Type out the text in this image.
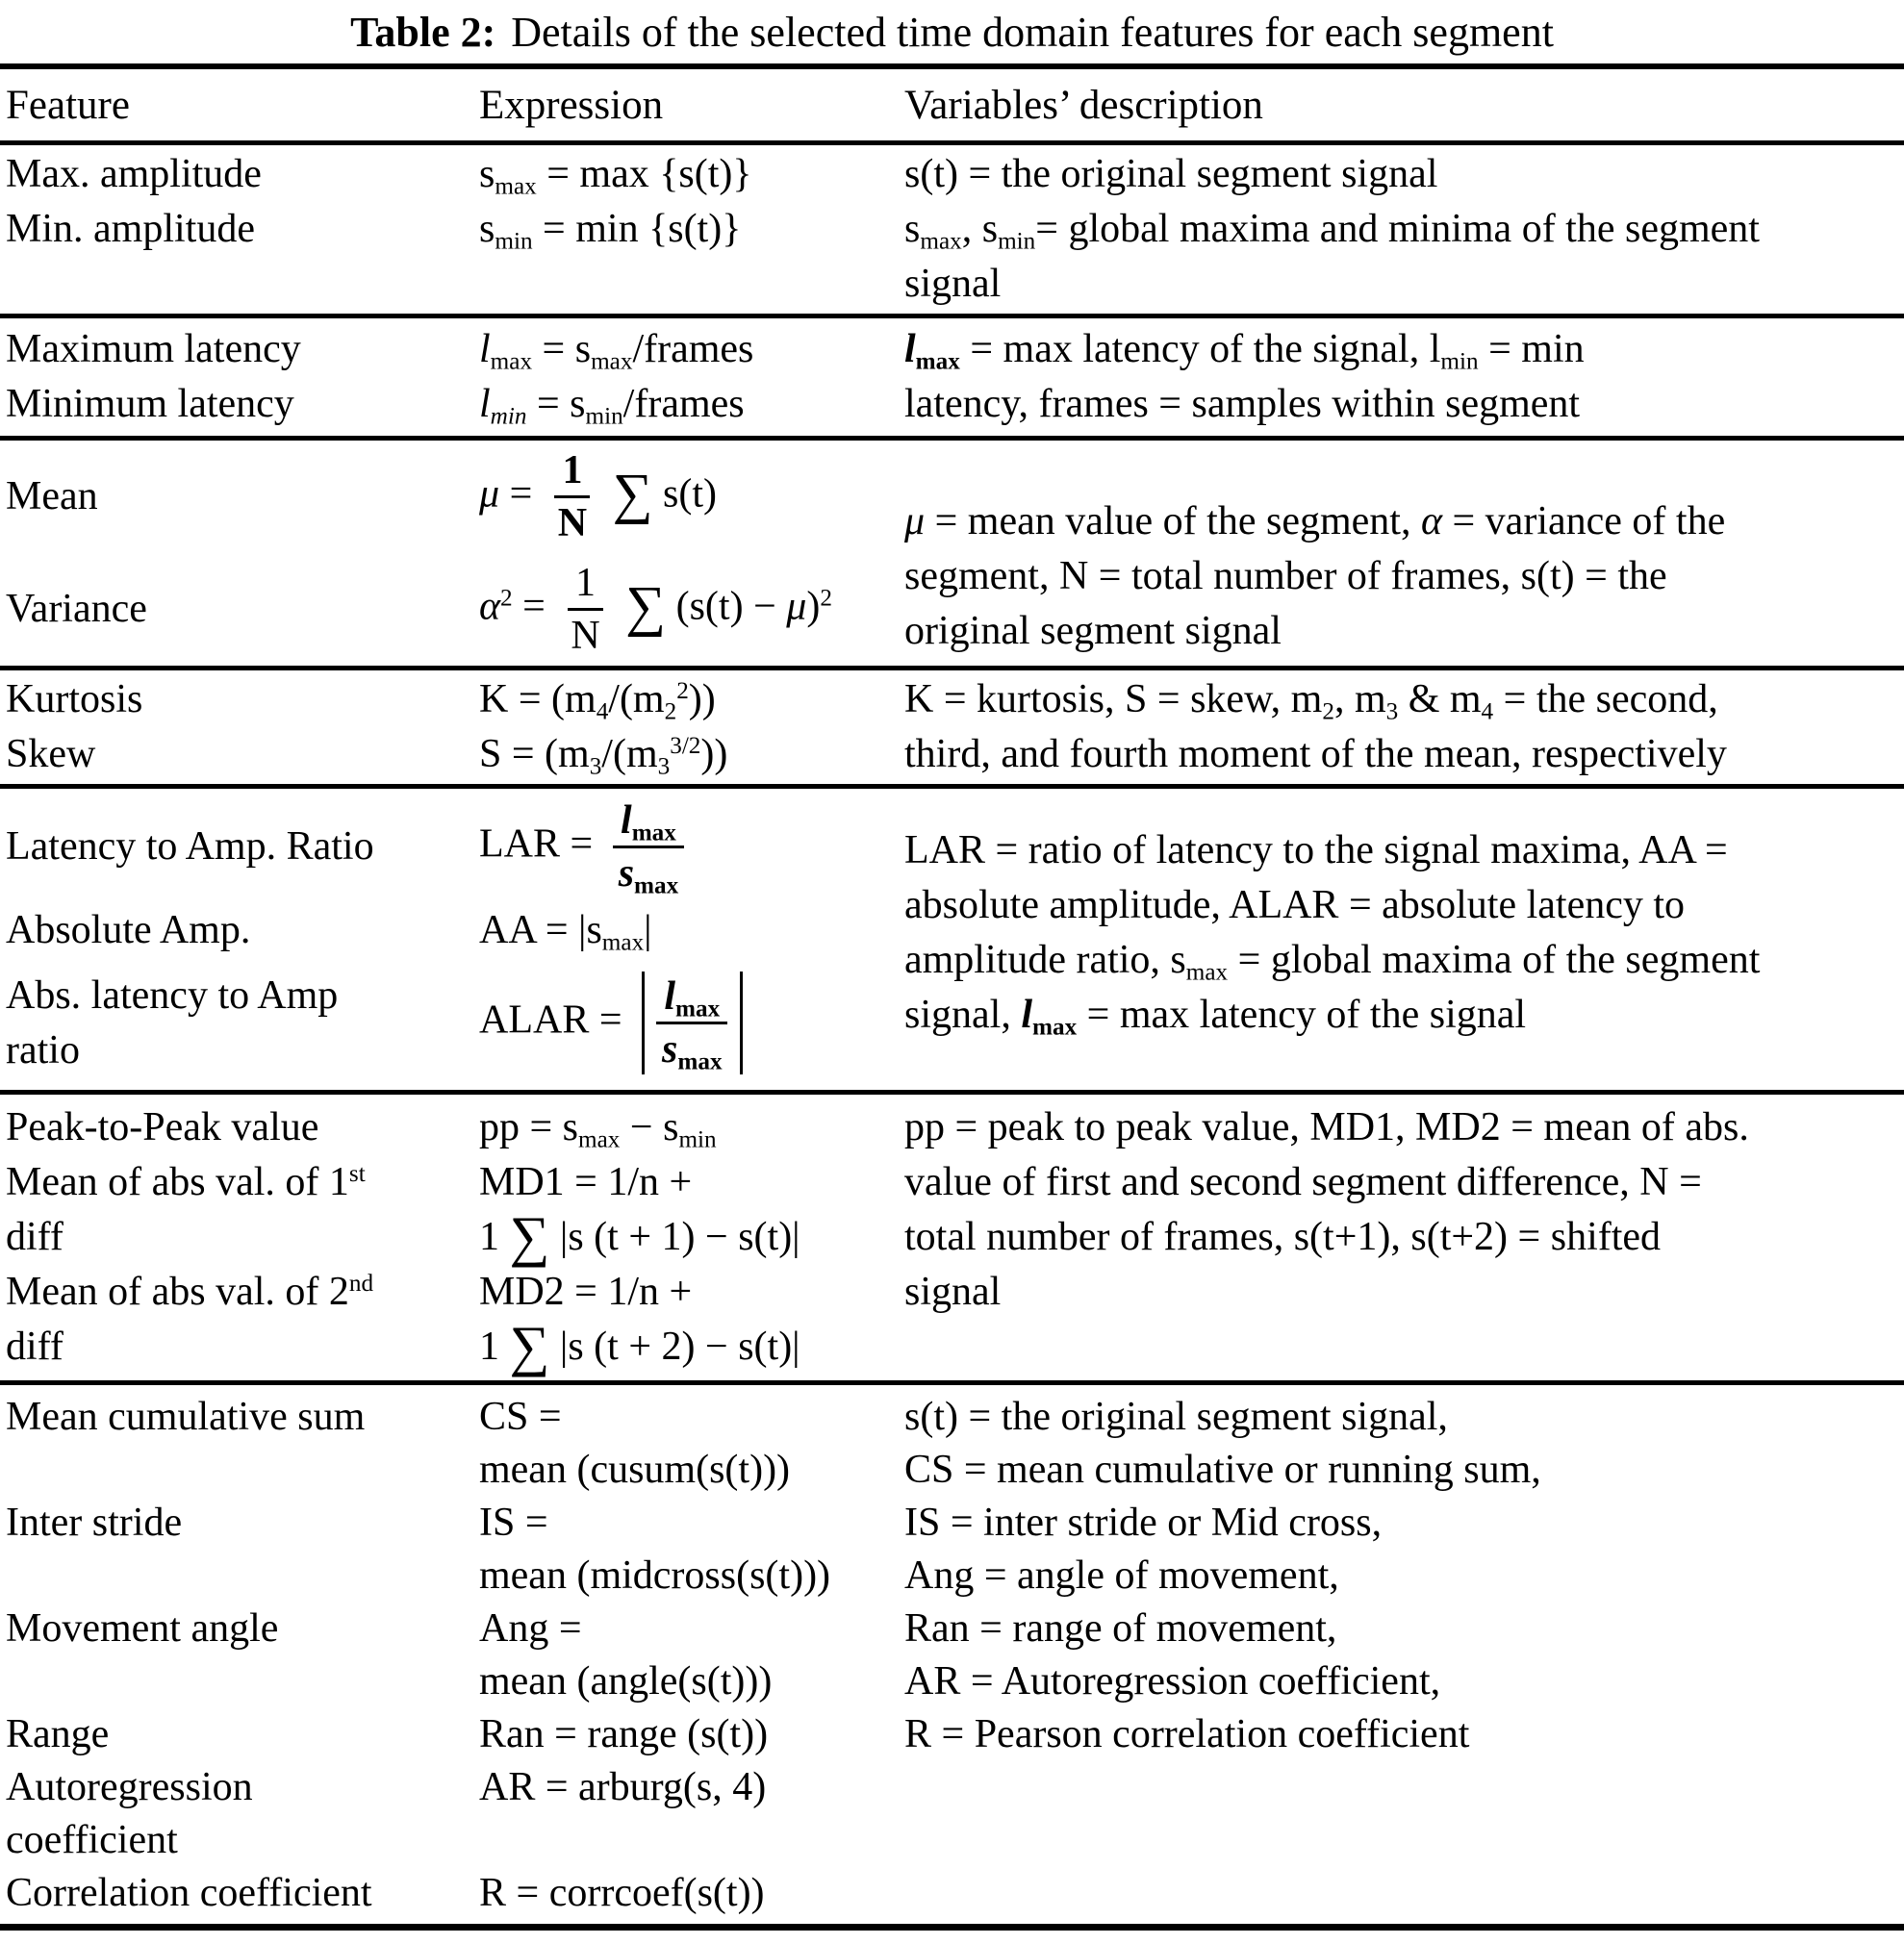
Table 2: Details of the selected time domain features for each segment
Feature	Expression	Variables’ description
Max. amplitude
Min. amplitude
$s_{max} = \max \{s(t)\}$
$s_{min} = \min \{s(t)\}$
s(t) = the original segment signal
$s_{max}$, $s_{min}=$ global maxima and minima of the segment
signal
Maximum latency
Minimum latency
$l_{max}$ = $s_{max}$/frames
$l_{min}$ = $s_{min}$/frames
$l_{max} = \max$ latency of the signal, $l_{min} = \min$
latency, frames = samples within segment
Mean
Variance
$\mu = \frac{1}{N}$ ∑ s(t)
$\alpha^2 = \frac{1}{N}$ ∑ $(s(t) - \mu)^2$
μ = mean value of the segment, α = variance of the
segment, N = total number of frames, s(t) = the
original segment signal
Kurtosis
Skew
$K = (m_4/(m_2^2))$
$S = (m_3/(m_3^{3/2}))$
K = kurtosis, S = skew, $m_2$, $m_3$ & $m_4$ = the second,
third, and fourth moment of the mean, respectively
Latency to Amp. Ratio
Absolute Amp.
Abs. latency to Amp
ratio
LAR = $\frac{l_{max}}{s_{max}}$
AA = $|s_{max}|$
ALAR = $\frac{l_{max}}{s_{max}}$
LAR = ratio of latency to the signal maxima, AA =
absolute amplitude, ALAR = absolute latency to
amplitude ratio, $s_{max}$ = global maxima of the segment
signal, $l_{max} = \max$ latency of the signal
Peak-to-Peak value
Mean of abs val. of 1st
diff
Mean of abs val. of 2nd
diff
pp = $s_{max} - s_{min}$
MD1 = 1/n +
1 ∑ |s (t + 1) − s(t)|
MD2 = 1/n +
1 ∑ |s (t + 2) − s(t)|
pp = peak to peak value, MD1, MD2 = mean of abs.
value of first and second segment difference, N =
total number of frames, s(t+1), s(t+2) = shifted
signal
Mean cumulative sum

Inter stride

Movement angle

Range
Autoregression
coefficient
Correlation coefficient
CS =
mean (cusum(s(t)))
IS =
mean (midcross(s(t)))
Ang =
mean (angle(s(t)))
Ran = range (s(t))
AR = arburg(s, 4)

R = corrcoef(s(t))
s(t) = the original segment signal,
CS = mean cumulative or running sum,
IS = inter stride or Mid cross,
Ang = angle of movement,
Ran = range of movement,
AR = Autoregression coefficient,
R = Pearson correlation coefficient
